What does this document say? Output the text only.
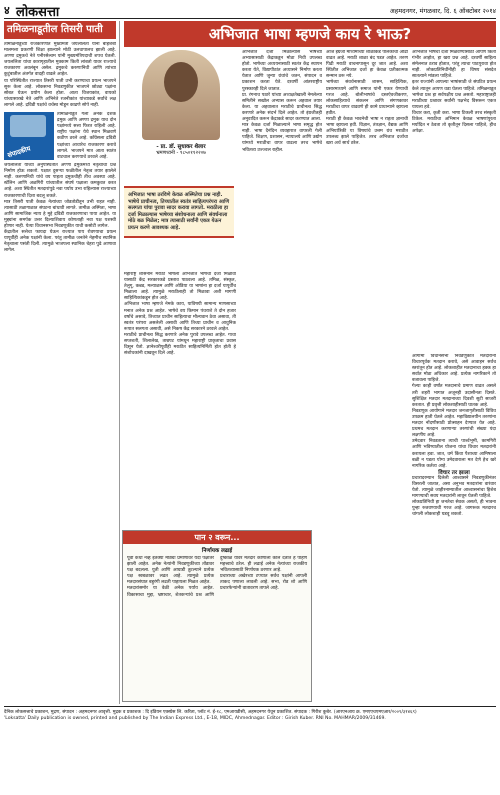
४ लोकसत्ता	अहमदनगर, मंगळवार, दि. ६ ऑक्टोबर २०१४
तमिळनाडूतील तिसरी पाती

तामीळनाडूच्या राजकारणात मुख्यमंत्री जयललिता यांना बेहिशेबी मालमत्ता प्रकरणी शिक्षा झाल्याने मोठी उलथापालथ झाली आहे. अण्णा द्रमुकचे नेते पनीरसेल्वम यांनी मुख्यमंत्रिपदाची शपथ घेतली. जयललिता यांचा कारागृहातील मुक्काम किती लांबतो यावर राज्याचे राजकारण अवलंबून असेल. द्रमुकचे करुणानिधी आणि त्यांच्या कुटुंबातील अंतर्गत वादही वाढले आहेत.

या परिस्थितीत राज्यात तिसरी पाती उभी करण्याचा प्रयत्न भाजपने सुरू केला आहे. लोकसभा निवडणुकीत भाजपने छोट्या पक्षांना सोबत घेऊन प्रयोग केला होता. आता विजयकांत, वायको यांच्यासारखे नेते आणि अभिनेते रजनीकांत यांच्याकडे सर्वांचे लक्ष लागले आहे. द्रविडी पक्षांचे वर्चस्व मोडून काढणे सोपे नाही.

संपादकीय

तामीळनाडूत गेली अनेक दशके द्रमुक आणि अण्णा द्रमुक याच दोन पक्षांमध्ये सत्ता फिरत राहिली आहे. राष्ट्रीय पक्षांना येथे स्थान मिळवणे कठीण ठरले आहे. काँग्रेसला द्रविडी पक्षांच्या आधारेच राजकारण करावे लागले. भाजपने मात्र आता स्वतंत्र वाटचाल करण्याचे ठरवले आहे.

जयललिता यांच्या अनुपस्थितीत अण्णा द्रमुकमध्ये नेतृत्वाचा प्रश्न निर्माण होऊ शकतो. पक्षात दुसऱ्या फळीतील नेतृत्व तयार झालेले नाही. करुणानिधी यांचे वय पाहता द्रमुकचीही तीच अवस्था आहे. स्टॅलिन आणि अळगिरी यांच्यातील संघर्ष पक्षाला कमकुवत करत आहे. अशा स्थितीत मतदारांपुढे नवा पर्याय उभा राहिल्यास राज्याच्या राजकारणाची दिशा बदलू शकते.

मात्र तिसरी पाती केवळ नेत्यांच्या जोडतोडीतून उभी राहत नाही. त्यासाठी तळागाळात संघटना बांधावी लागते. तामीळ अस्मिता, भाषा आणि सामाजिक न्याय हे मुद्दे द्रविडी राजकारणाचा पाया आहेत. या मुद्द्यांना समर्पक उत्तर दिल्याशिवाय कोणताही नवा पक्ष यशस्वी होणार नाही. येत्या विधानसभा निवडणुकीत याची कसोटी लागेल.

केंद्रातील सत्तेचा फायदा घेऊन राज्यात पाय रोवण्याचा प्रयत्न यापूर्वीही अनेक पक्षांनी केला. परंतु तामीळ जनतेने नेहमीच स्थानिक नेतृत्वाला पसंती दिली. त्यामुळे भाजपला स्थानिक चेहरा पुढे आणावा लागेल.

अभिजात भाषा म्हणजे काय रे भाऊ?
- प्रा. डॉ. सुधाकर शेलार
भ्रमणध्वनी - ९८५०११२२०७

अभिजात भाषा ठरविणे केवळ अस्मितेचा प्रश्न नाही. भाषेचे प्राचीनत्व, तिच्यातील स्वतंत्र साहित्यपरंपरा आणि सलगता यांचा पुरावा सादर करावा लागतो. मराठीला हा दर्जा मिळाल्यास भाषेच्या संशोधनाला आणि संवर्धनाला मोठे बळ मिळेल; मात्र त्यासाठी सर्वांनी एकत्र येऊन प्रयत्न करणे आवश्यक आहे.

महाराष्ट्र शासनाने मराठी भाषेला अभिजात भाषेचा दर्जा मिळावा यासाठी केंद्र सरकारकडे प्रस्ताव पाठवला आहे. तमिळ, संस्कृत, तेलुगू, कन्नड, मल्याळम आणि ओडिया या भाषांना हा दर्जा यापूर्वीच मिळाला आहे. त्यामुळे मराठीलाही तो मिळावा अशी मागणी साहित्यिकांकडून होत आहे.

अभिजात भाषा म्हणजे नेमके काय, याविषयी सामान्य माणसाच्या मनात अनेक प्रश्न आहेत. भाषेचे वय किमान पंधराशे ते दोन हजार वर्षांचे असावे, तिच्यात प्राचीन साहित्याचा मौल्यवान ठेवा असावा, ती स्वतंत्र परंपरा असलेली असावी आणि तिच्या प्राचीन व आधुनिक रूपात सलगता असावी, असे निकष केंद्र सरकारने ठरवले आहेत.

मराठीचे प्राचीनत्व सिद्ध करणारे अनेक पुरावे उपलब्ध आहेत. गाथा सप्तशती, शिलालेख, ताम्रपट यांमधून महाराष्ट्री प्राकृताचा प्रवास दिसून येतो. ज्ञानेश्वरीपूर्वीही मराठीत साहित्यनिर्मिती होत होती हे संशोधकांनी दाखवून दिले आहे.

अभिजात दर्जा मिळाल्यास भाषेच्या अभ्यासासाठी केंद्राकडून मोठा निधी उपलब्ध होतो. भाषेच्या अध्ययनासाठी स्वतंत्र केंद्र स्थापन करता येते, विद्यापीठांत अध्यासने निर्माण करता येतात आणि जुन्या ग्रंथांचे जतन, संपादन व प्रकाशन करता येते. दरवर्षी आंतरराष्ट्रीय पुरस्कारही दिले जातात.

प्रा. रंगनाथ पठारे यांच्या अध्यक्षतेखाली नेमलेल्या समितीने सखोल अभ्यास करून अहवाल तयार केला. या अहवालात मराठीचे प्राचीनत्व सिद्ध करणारे अनेक संदर्भ दिले आहेत. तो इंग्रजीतही अनुवादित करून केंद्राकडे सादर करण्यात आला.

मात्र केवळ दर्जा मिळाल्याने भाषा समृद्ध होत नाही. भाषा दैनंदिन व्यवहारात वापरली गेली पाहिजे. शिक्षण, प्रशासन, न्यायालये आणि उद्योग यांमध्ये मराठीचा वापर वाढला तरच भाषेचे भवितव्य उज्ज्वल राहील.

आज इंग्रजी माध्यमांच्या शाळांकडे पालकांचा ओढा वाढत आहे. मराठी शाळा बंद पडत आहेत. तरुण पिढी मराठी वाचनापासून दूर जात आहे. अशा स्थितीत अभिजात दर्जा हा केवळ प्रतीकात्मक सन्मान ठरू नये.

भाषेच्या संवर्धनासाठी शासन, साहित्यिक, प्रसारमाध्यमे आणि समाज यांनी एकत्र येण्याची गरज आहे. बोलीभाषांचे दस्तऐवजीकरण, लोकसाहित्याचे संकलन आणि संगणकावर मराठीचा वापर वाढवणे ही कामे प्राधान्याने व्हायला हवीत.

मराठी ही केवळ भावनेची भाषा न राहता ज्ञानाची भाषा व्हायला हवी. विज्ञान, तंत्रज्ञान, वैद्यक आणि अभियांत्रिकी या विषयांचे उत्तम ग्रंथ मराठीत उपलब्ध झाले पाहिजेत. तरच अभिजात दर्जाचा खरा अर्थ सार्थ ठरेल.

अभिजात भाषेचा दर्जा मिळवण्यासाठी आपण किती गंभीर आहोत, हा खरा प्रश्न आहे. दरवर्षी साहित्य संमेलनात ठराव होतात, परंतु त्याचा पाठपुरावा होत नाही. लोकप्रतिनिधींनीही हा विषय संसदेत सातत्याने मांडला पाहिजे.

इतर राज्यांनी आपल्या भाषांसाठी जे संघटित प्रयत्न केले त्यातून आपण धडा घेतला पाहिजे. तमिळनाडूत भाषेचा प्रश्न हा सर्वपक्षीय प्रश्न असतो. महाराष्ट्रातही मराठीच्या प्रश्नावर सर्वांनी पक्षभेद विसरून एकत्र यायला हवे.

विचार करा, कृती करा. भाषा टिकली तरच संस्कृती टिकेल. मराठीचा अभिमान केवळ भाषणांपुरता मर्यादित न ठेवता तो कृतीतून दिसला पाहिजे, हीच अपेक्षा.

आगामी विधानसभा निवडणुकीत मतदारांनी विचारपूर्वक मतदान करावे, असे आवाहन सर्वच स्तरांतून होत आहे. लोकशाहीत मतदानाचा हक्क हा सर्वात मोठा अधिकार आहे. प्रत्येक नागरिकाने तो बजावला पाहिजे.

गेल्या काही वर्षांत मतदानाचे प्रमाण वाढत असले तरी शहरी भागात अजूनही उदासीनता दिसते. सुशिक्षित मतदार मतदानाच्या दिवशी सुटी साजरी करतात. ही प्रवृत्ती लोकशाहीसाठी घातक आहे.

निवडणूक आयोगाने मतदार जनजागृतीसाठी विविध उपक्रम हाती घेतले आहेत. महाविद्यालयीन तरुणांना मतदार नोंदणीसाठी प्रोत्साहन देण्यात येत आहे. प्रथमच मतदान करणाऱ्या तरुणांची संख्या यंदा लक्षणीय आहे.

उमेदवार निवडताना त्याची पार्श्वभूमी, कामगिरी आणि भविष्यातील योजना यांचा विचार मतदारांनी करायला हवा. जात, धर्म किंवा पैशाच्या आमिषाला बळी न पडता योग्य उमेदवाराला मत देणे हेच खरे नागरिक कर्तव्य आहे.

विचार तर झाला

प्रचारादरम्यान दिलेली आश्वासने निवडणुकीनंतर विसरली जातात, असा अनुभव मतदारांना वारंवार येतो. त्यामुळे जाहीरनाम्यातील आश्वासनांचा हिशेब मागण्याची सवय मतदारांनी लावून घेतली पाहिजे.

लोकप्रतिनिधी हा जनतेचा सेवक असतो, ही भावना पुन्हा रुजवण्याची गरज आहे. जागरूक मतदारच चांगली लोकशाही घडवू शकतो.

पान २ वरून...
निर्णायक लढाई

पूर्वी कधी नव्हे इतक्या मोठ्या प्रमाणावर यंदा पक्षांतरे झाली आहेत. अनेक नेत्यांनी निवडणुकीच्या तोंडावर पक्ष बदलला. युती आणि आघाडी तुटल्याने प्रत्येक पक्ष स्वबळावर लढत आहे. त्यामुळे प्रत्येक मतदारसंघात बहुरंगी लढती पाहायला मिळत आहेत.

मतदारांसमोर या वेळी अनेक पर्याय आहेत. विकासाचा मुद्दा, भ्रष्टाचार, शेतकऱ्यांचे प्रश्न आणि दुष्काळ यावर मतदार कोणाला कौल देतात हे पाहणे महत्त्वाचे ठरेल. ही लढाई अनेक नेत्यांच्या राजकीय भवितव्यासाठी निर्णायक ठरणार आहे.

प्रचाराच्या अखेरच्या टप्प्यात सर्वच पक्षांनी आपली ताकद पणाला लावली आहे. सभा, रोड शो आणि प्रचारफेऱ्यांनी वातावरण तापले आहे.

दैनिक लोकसत्ताचे प्रकाशन, मुद्रण, संपादन : अहमदनगर आवृत्ती. मुद्रक व प्रकाशक : दि इंडियन एक्स्प्रेस लि. करिता, प्लॉट नं. ई-१८, एमआयडीसी, अहमदनगर येथून प्रकाशित. संपादक : गिरीश कुबेर. (आरएनआय क्र. एमएएचएमएआर/२००९/३१४६९)

'Loksatta' Daily publication is owned, printed and published by The Indian Express Ltd., E-18, MIDC, Ahmednagar. Editor : Girish Kuber. RNI No. MAHMAR/2009/31469.
